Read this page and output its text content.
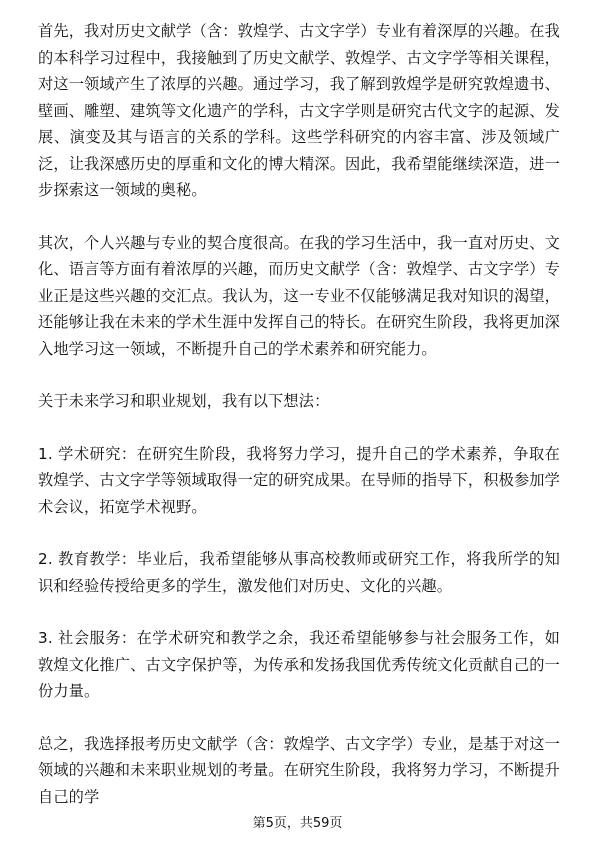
首先，我对历史文献学（含：敦煌学、古文字学）专业有着深厚的兴趣。在我的本科学习过程中，我接触到了历史文献学、敦煌学、古文字学等相关课程，对这一领域产生了浓厚的兴趣。通过学习，我了解到敦煌学是研究敦煌遗书、壁画、雕塑、建筑等文化遗产的学科，古文字学则是研究古代文字的起源、发展、演变及其与语言的关系的学科。这些学科研究的内容丰富、涉及领域广泛，让我深感历史的厚重和文化的博大精深。因此，我希望能继续深造，进一步探索这一领域的奥秘。

其次，个人兴趣与专业的契合度很高。在我的学习生活中，我一直对历史、文化、语言等方面有着浓厚的兴趣，而历史文献学（含：敦煌学、古文字学）专业正是这些兴趣的交汇点。我认为，这一专业不仅能够满足我对知识的渴望，还能够让我在未来的学术生涯中发挥自己的特长。在研究生阶段，我将更加深入地学习这一领域，不断提升自己的学术素养和研究能力。

关于未来学习和职业规划，我有以下想法：

1. 学术研究：在研究生阶段，我将努力学习，提升自己的学术素养，争取在敦煌学、古文字学等领域取得一定的研究成果。在导师的指导下，积极参加学术会议，拓宽学术视野。

2. 教育教学：毕业后，我希望能够从事高校教师或研究工作，将我所学的知识和经验传授给更多的学生，激发他们对历史、文化的兴趣。

3. 社会服务：在学术研究和教学之余，我还希望能够参与社会服务工作，如敦煌文化推广、古文字保护等，为传承和发扬我国优秀传统文化贡献自己的一份力量。

总之，我选择报考历史文献学（含：敦煌学、古文字学）专业，是基于对这一领域的兴趣和未来职业规划的考量。在研究生阶段，我将努力学习，不断提升自己的学

第5页，共59页
